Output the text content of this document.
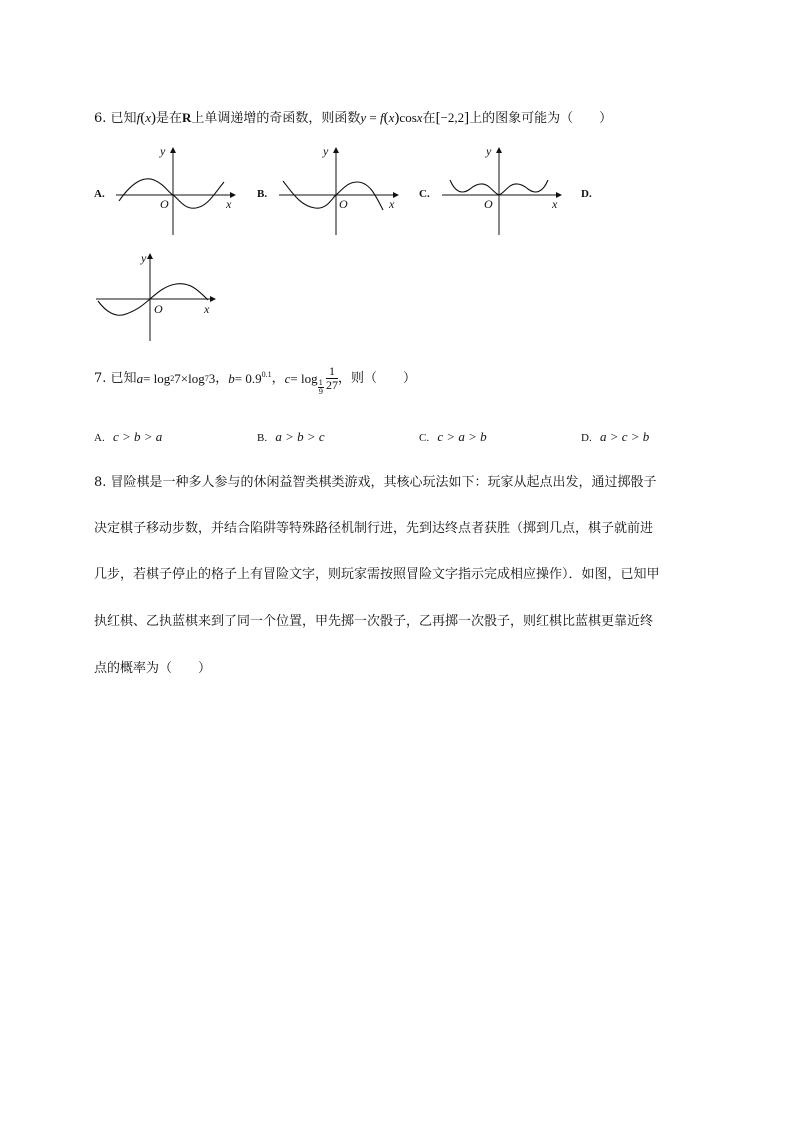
6. 已知f(x)是在R上单调递增的奇函数，则函数y = f(x)cosx在[−2,2]上的图象可能为（　　）
A.	B.	C.	D.
y
x
O
y
x
O
y
x
O
y
x
O
7.
已知 a = log 2 7 ×log 7 3 ， $b = 0.9^{0.1}$ ， c = log
$\frac{1}{9} \frac{1}{27}$ ，则（　　）
A. c > b > a	B. a > b > c	C. c > a > b	D. a > c > b
8. 冒险棋是一种多人参与的休闲益智类棋类游戏，其核心玩法如下：玩家从起点出发，通过掷骰子
决定棋子移动步数，并结合陷阱等特殊路径机制行进，先到达终点者获胜（掷到几点，棋子就前进
几步，若棋子停止的格子上有冒险文字，则玩家需按照冒险文字指示完成相应操作）．如图，已知甲
执红棋、乙执蓝棋来到了同一个位置，甲先掷一次骰子，乙再掷一次骰子，则红棋比蓝棋更靠近终
点的概率为（　　）
